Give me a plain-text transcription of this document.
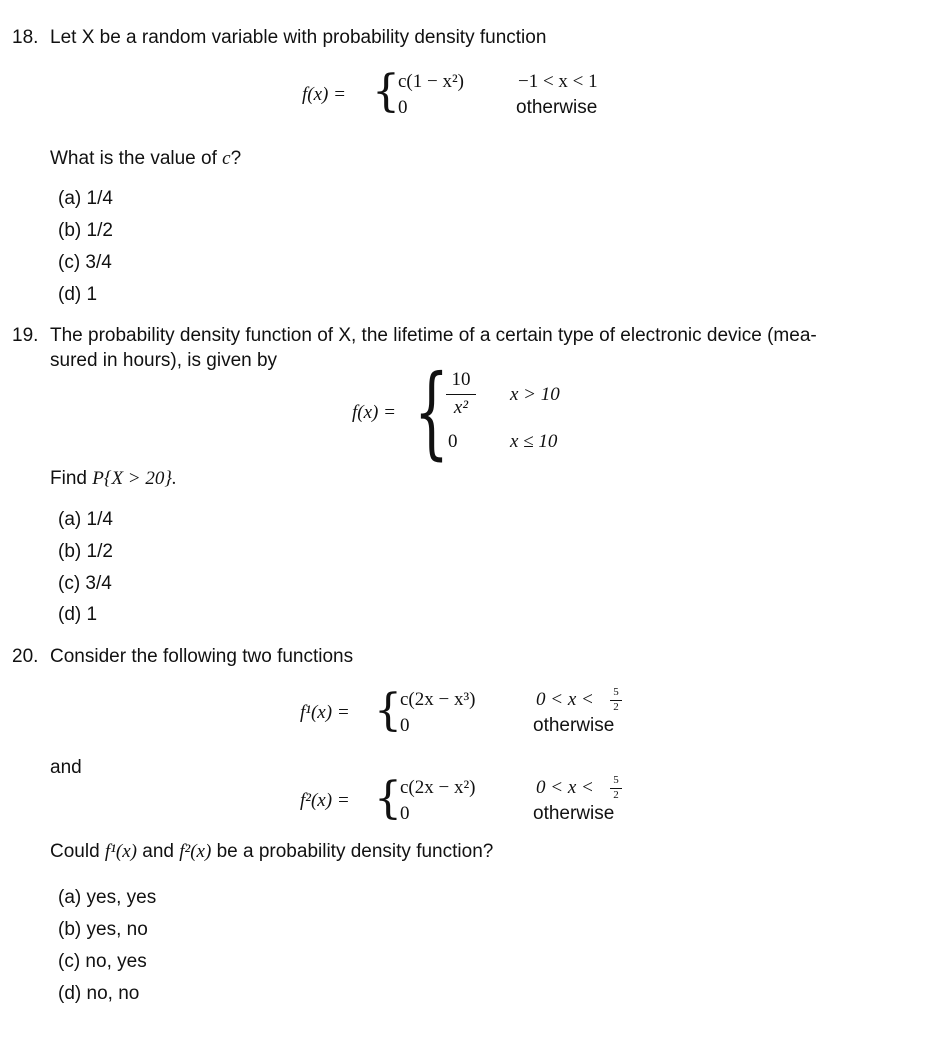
18. Let X be a random variable with probability density function
f(x) = {
c(1 − x²)
0
−1 < x < 1
otherwise
What is the value of c?
(a) 1/4
(b) 1/2
(c) 3/4
(d) 1
19. The probability density function of X, the lifetime of a certain type of electronic device (mea-
sured in hours), is given by
f(x) = { 10
x²
0
x > 10
x ≤ 10
Find P{X > 20}.
(a) 1/4
(b) 1/2
(c) 3/4
(d) 1
20. Consider the following two functions
f¹(x) = {
c(2x − x³)
0
0 < x < 5
2
otherwise
and
f²(x) = {
c(2x − x²)
0
0 < x < 5
2
otherwise
Could f¹(x) and f²(x) be a probability density function?
(a) yes, yes
(b) yes, no
(c) no, yes
(d) no, no
